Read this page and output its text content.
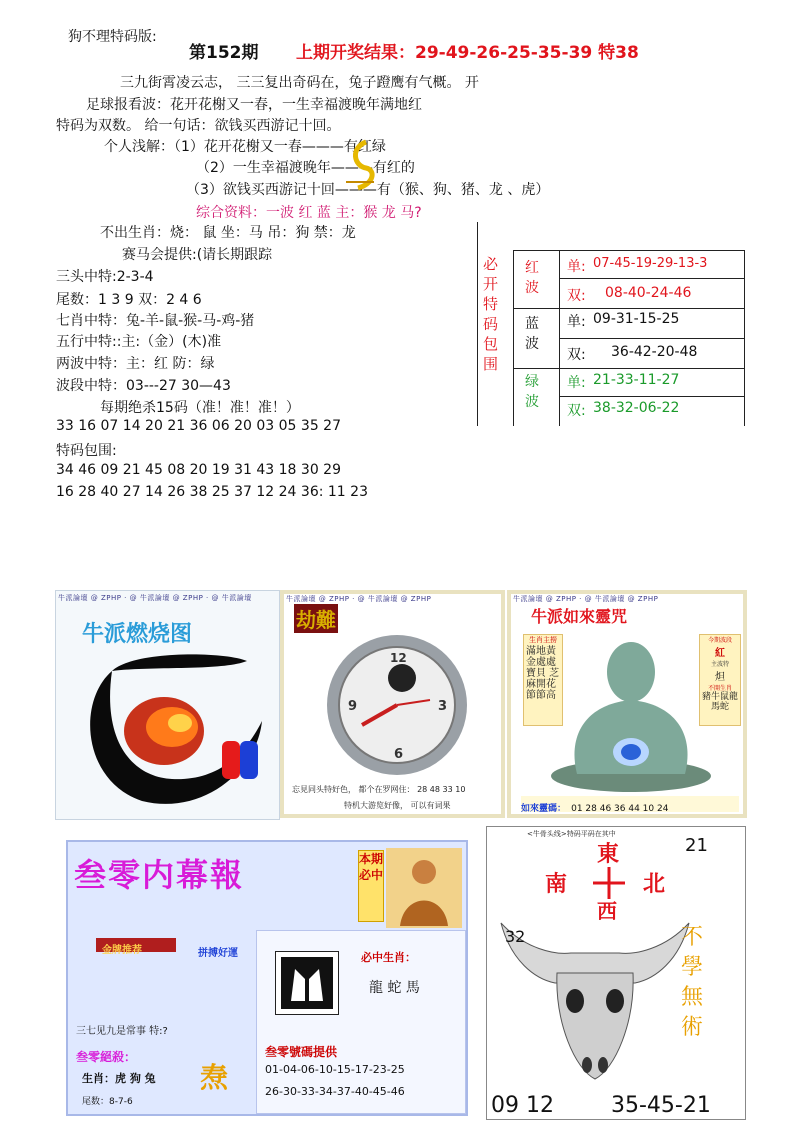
狗不理特码版:
第152期 上期开奖结果：29-49-26-25-35-39 特38
三九街霄凌云志， 三三复出奇码在，兔子蹬鹰有气概。 开
足球报看波：花开花榭又一春，一生幸福渡晚年满地红
特码为双数。 给一句话：欲钱买西游记十回。
个人浅解：（1）花开花榭又一春———有红绿
（2）一生幸福渡晚年———有红的
（3）欲钱买西游记十回———有（猴、狗、猪、龙 、虎）
综合资料：一波 红 蓝 主：猴 龙 马?
不出生肖：烧： 鼠 坐：马 吊：狗 禁：龙
赛马会提供:(请长期跟踪
三头中特:2-3-4
尾数：1 3 9 双：2 4 6
七肖中特：兔-羊-鼠-猴-马-鸡-猪
五行中特::主:（金）(木)准
两波中特：主：红 防：绿
波段中特：03---27 30—43
每期绝杀15码（准！准！准！）
33 16 07 14 20 21 36 06 20 03 05 35 27
特码包围:
34 46 09 21 45 08 20 19 31 43 18 30 29
16 28 40 27 14 26 38 25 37 12 24 36: 11 23
必开特码包围
红波
单: 07-45-19-29-13-3
双: 08-40-24-46
蓝波
单: 09-31-15-25
双: 36-42-20-48
绿波
单: 21-33-11-27
双: 38-32-06-22
牛派論壇 @ ZPHP · @ 牛派論壇 @ ZPHP · @ 牛派論壇
牛派燃烧图
牛派論壇 @ ZPHP · @ 牛派論壇 @ ZPHP
劫難
12
3
6
9
忘見同头特好色， 都个在罗网住： 28 48 33 10
特机大游览好像， 可以有词果
牛派論壇 @ ZPHP · @ 牛派論壇 @ ZPHP
牛派如來靈咒
生肖主撈
滿地黃金處處寶貝 芝麻開花節節高
今期波段
紅
主波特
炟
不開生肖
豬牛鼠龍馬蛇
如來靈碼： 01 28 46 36 44 10 24
叁零内幕報	本期必中
金牌推荐	拼搏好運
三七见九是常事 特:?
叁零絕殺：
生肖：虎 狗 兔
尾数：8-7-6
焘
必中生肖：
龍 蛇 馬
叁零號碼提供
01-04-06-10-15-17-23-25
26-30-33-34-37-40-45-46
<牛骨头线>特码平码在其中
21
東
南	北
西
32	不學無術
09 12	35-45-21
